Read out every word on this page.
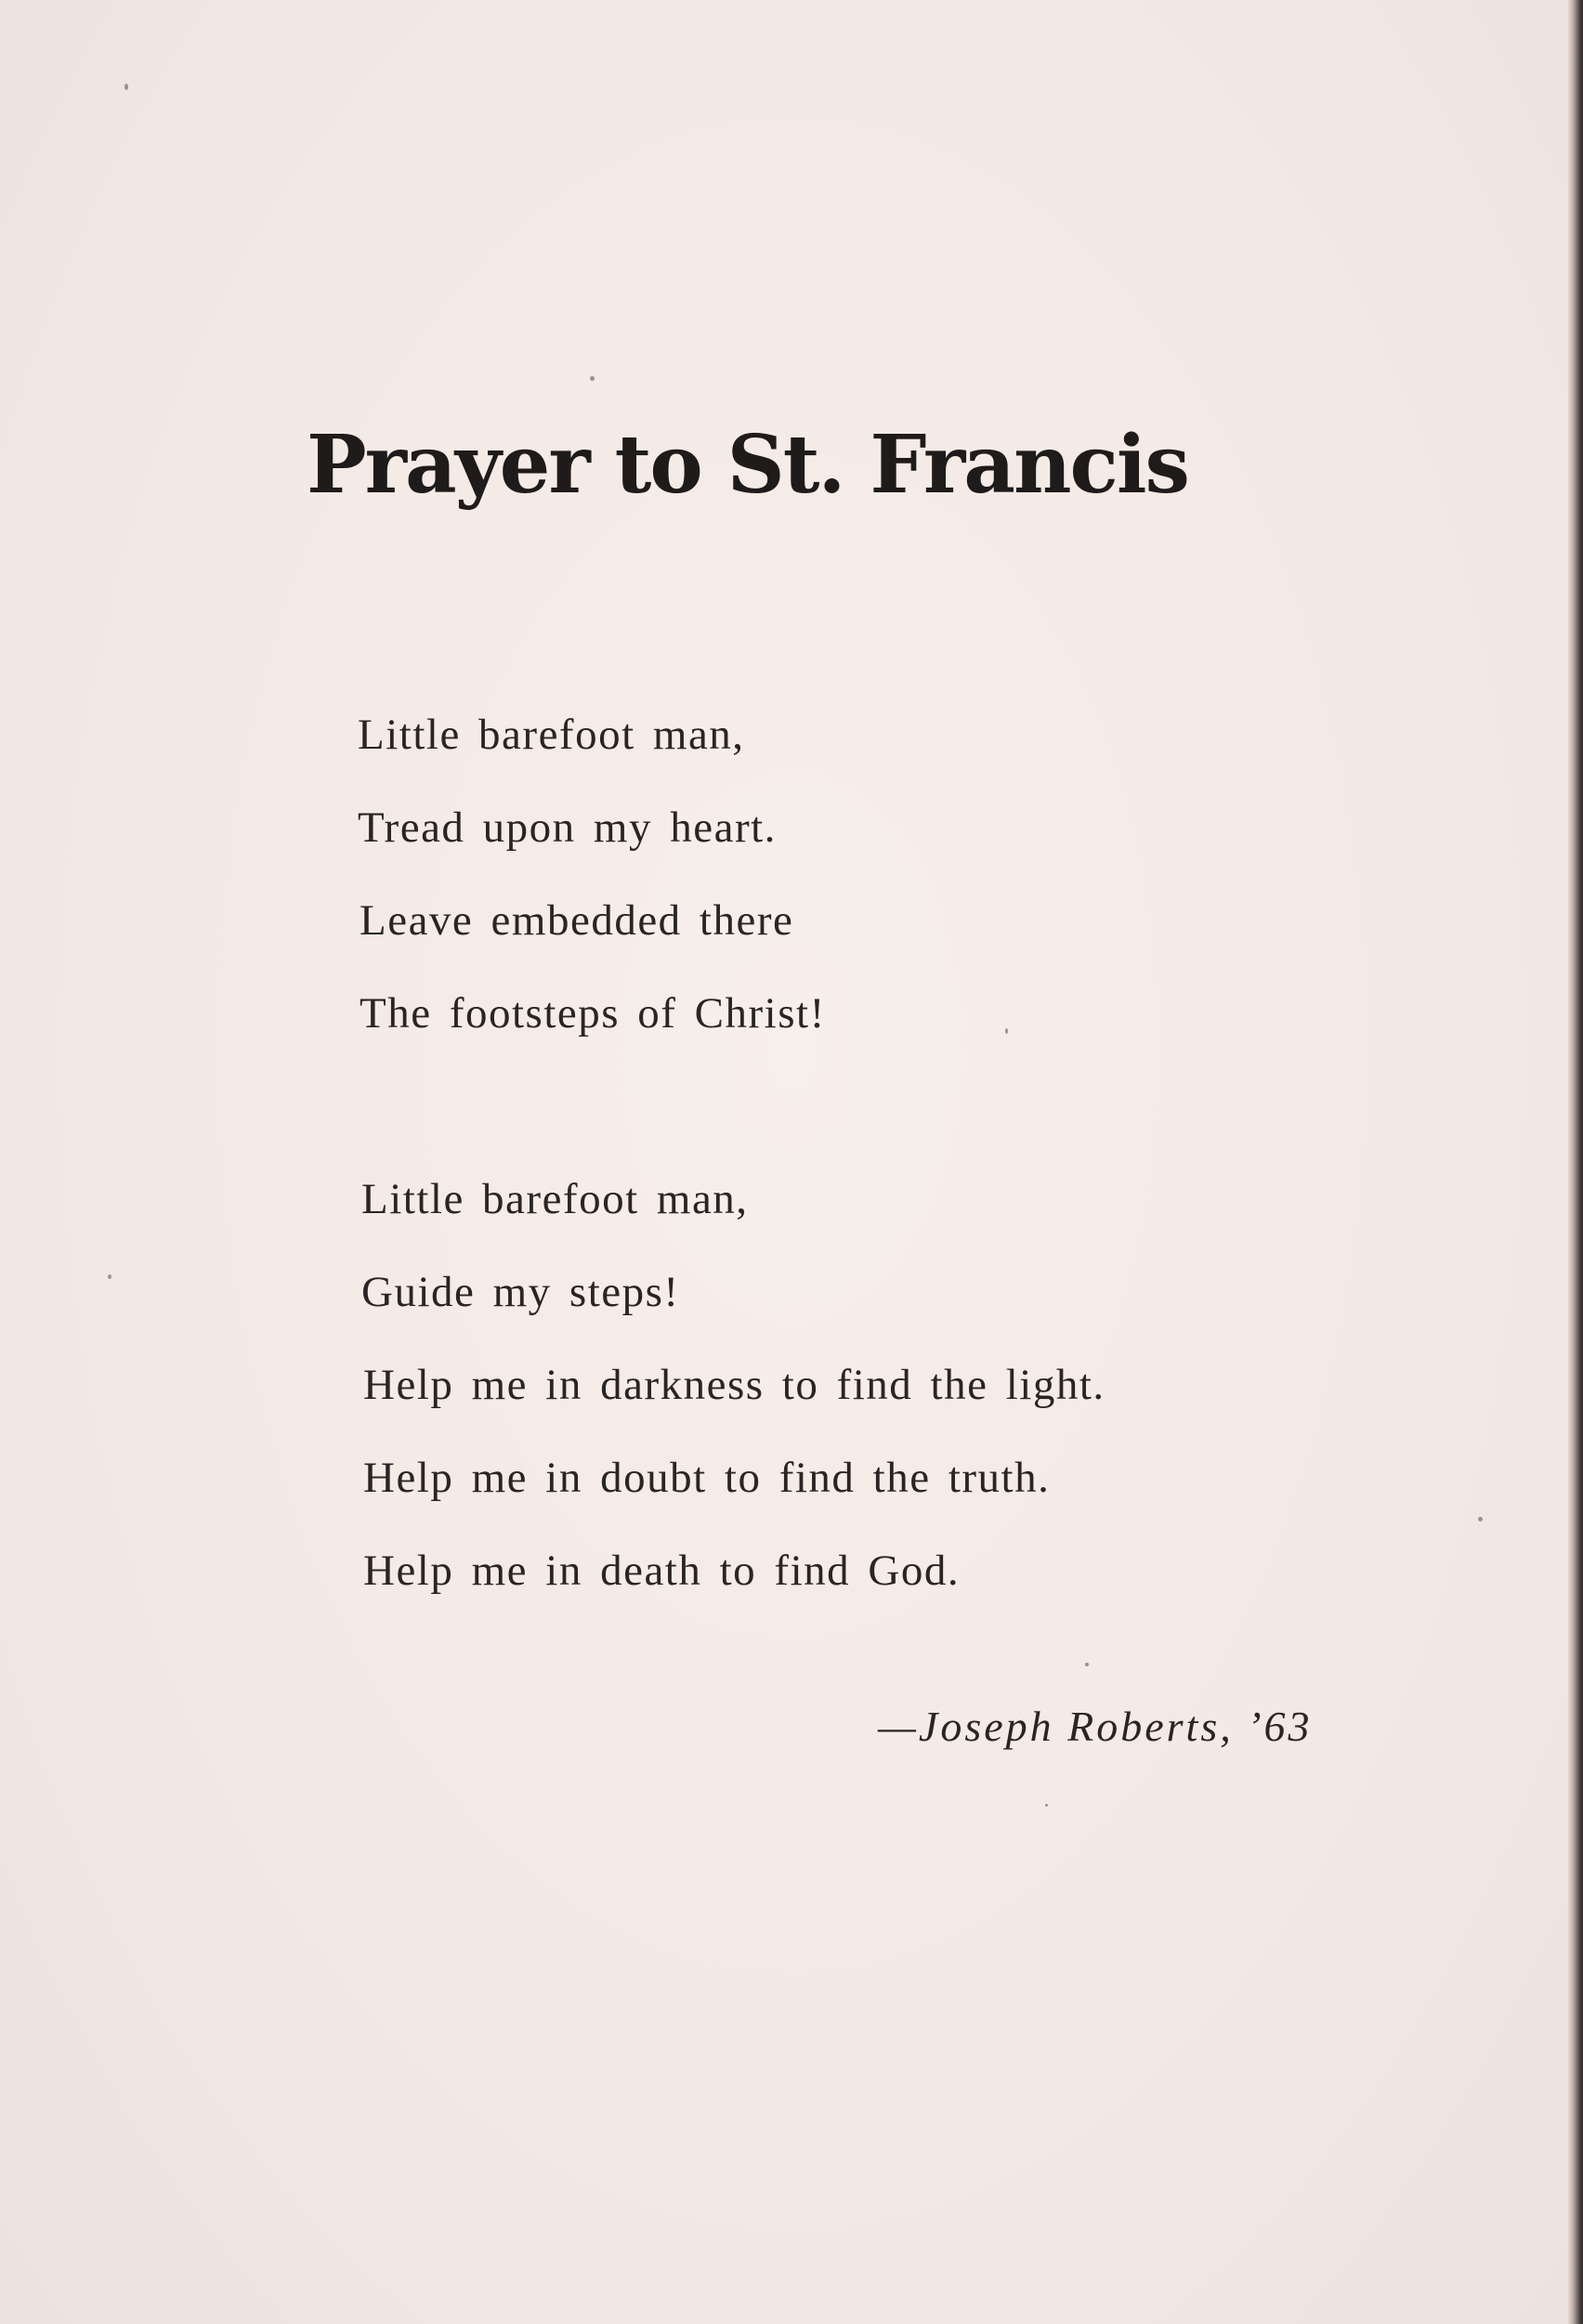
Prayer to St. Francis

Little barefoot man,

Tread upon my heart.

Leave embedded there

The footsteps of Christ!

Little barefoot man,

Guide my steps!

Help me in darkness to find the light.

Help me in doubt to find the truth.

Help me in death to find God.

—Joseph Roberts, ’63
